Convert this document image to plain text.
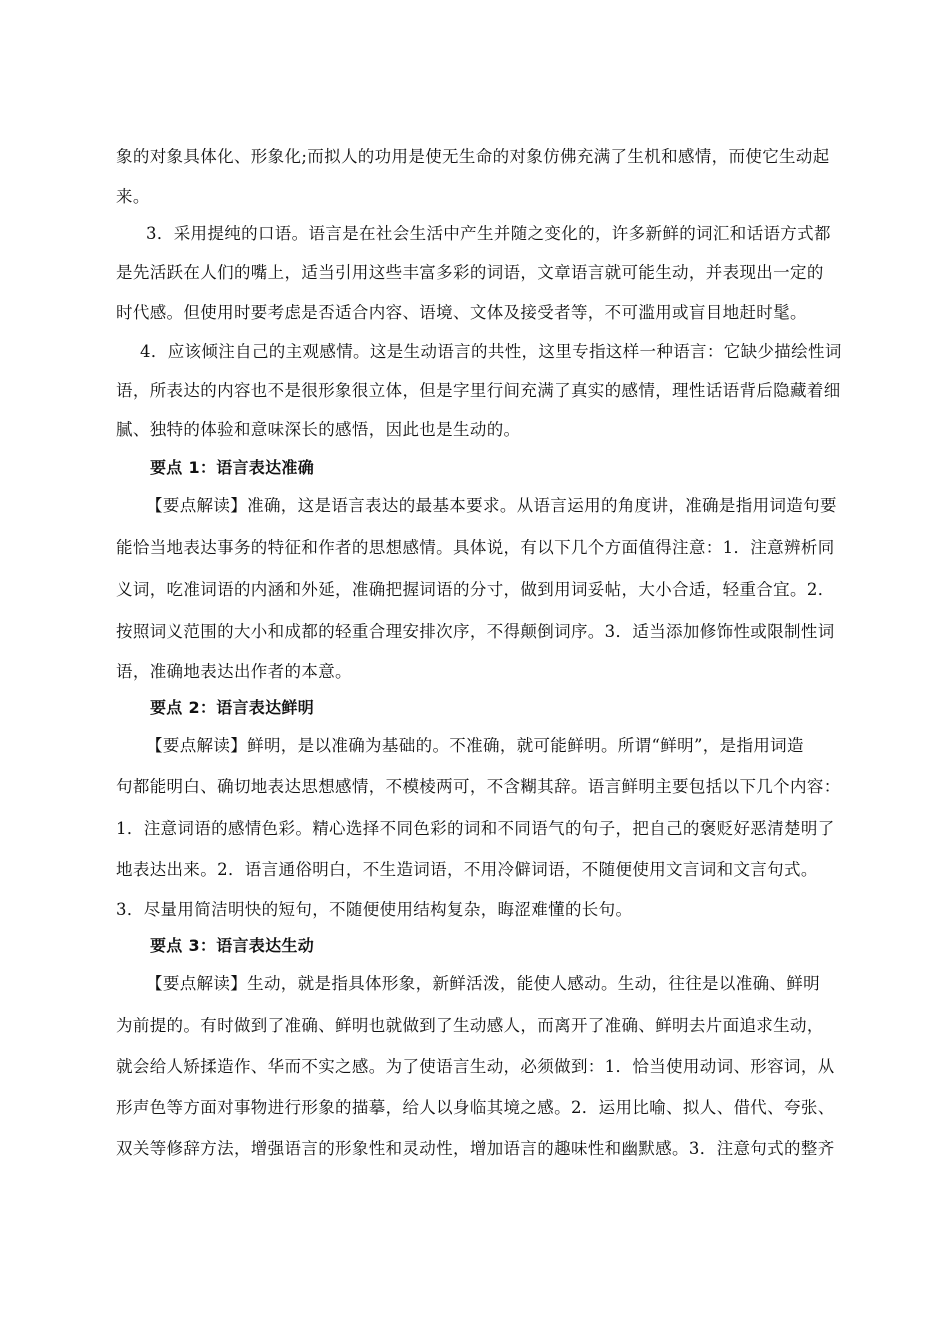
象的对象具体化、形象化;而拟人的功用是使无生命的对象仿佛充满了生机和感情，而使它生动起
来。
3．采用提纯的口语。语言是在社会生活中产生并随之变化的，许多新鲜的词汇和话语方式都
是先活跃在人们的嘴上，适当引用这些丰富多彩的词语，文章语言就可能生动，并表现出一定的
时代感。但使用时要考虑是否适合内容、语境、文体及接受者等，不可滥用或盲目地赶时髦。
4．应该倾注自己的主观感情。这是生动语言的共性，这里专指这样一种语言：它缺少描绘性词
语，所表达的内容也不是很形象很立体，但是字里行间充满了真实的感情，理性话语背后隐藏着细
腻、独特的体验和意味深长的感悟，因此也是生动的。
要点 1：语言表达准确
【要点解读】准确，这是语言表达的最基本要求。从语言运用的角度讲，准确是指用词造句要
能恰当地表达事务的特征和作者的思想感情。具体说，有以下几个方面值得注意：1．注意辨析同
义词，吃准词语的内涵和外延，准确把握词语的分寸，做到用词妥帖，大小合适，轻重合宜。2．
按照词义范围的大小和成都的轻重合理安排次序，不得颠倒词序。3．适当添加修饰性或限制性词
语，准确地表达出作者的本意。
要点 2：语言表达鲜明
【要点解读】鲜明，是以准确为基础的。不准确，就可能鲜明。所谓“鲜明”，是指用词造
句都能明白、确切地表达思想感情，不模棱两可，不含糊其辞。语言鲜明主要包括以下几个内容：
1．注意词语的感情色彩。精心选择不同色彩的词和不同语气的句子，把自己的褒贬好恶清楚明了
地表达出来。2．语言通俗明白，不生造词语，不用冷僻词语，不随便使用文言词和文言句式。
3．尽量用简洁明快的短句，不随便使用结构复杂，晦涩难懂的长句。
要点 3：语言表达生动
【要点解读】生动，就是指具体形象，新鲜活泼，能使人感动。生动，往往是以准确、鲜明
为前提的。有时做到了准确、鲜明也就做到了生动感人，而离开了准确、鲜明去片面追求生动，
就会给人矫揉造作、华而不实之感。为了使语言生动，必须做到：1．恰当使用动词、形容词，从
形声色等方面对事物进行形象的描摹，给人以身临其境之感。2．运用比喻、拟人、借代、夸张、
双关等修辞方法，增强语言的形象性和灵动性，增加语言的趣味性和幽默感。3．注意句式的整齐
